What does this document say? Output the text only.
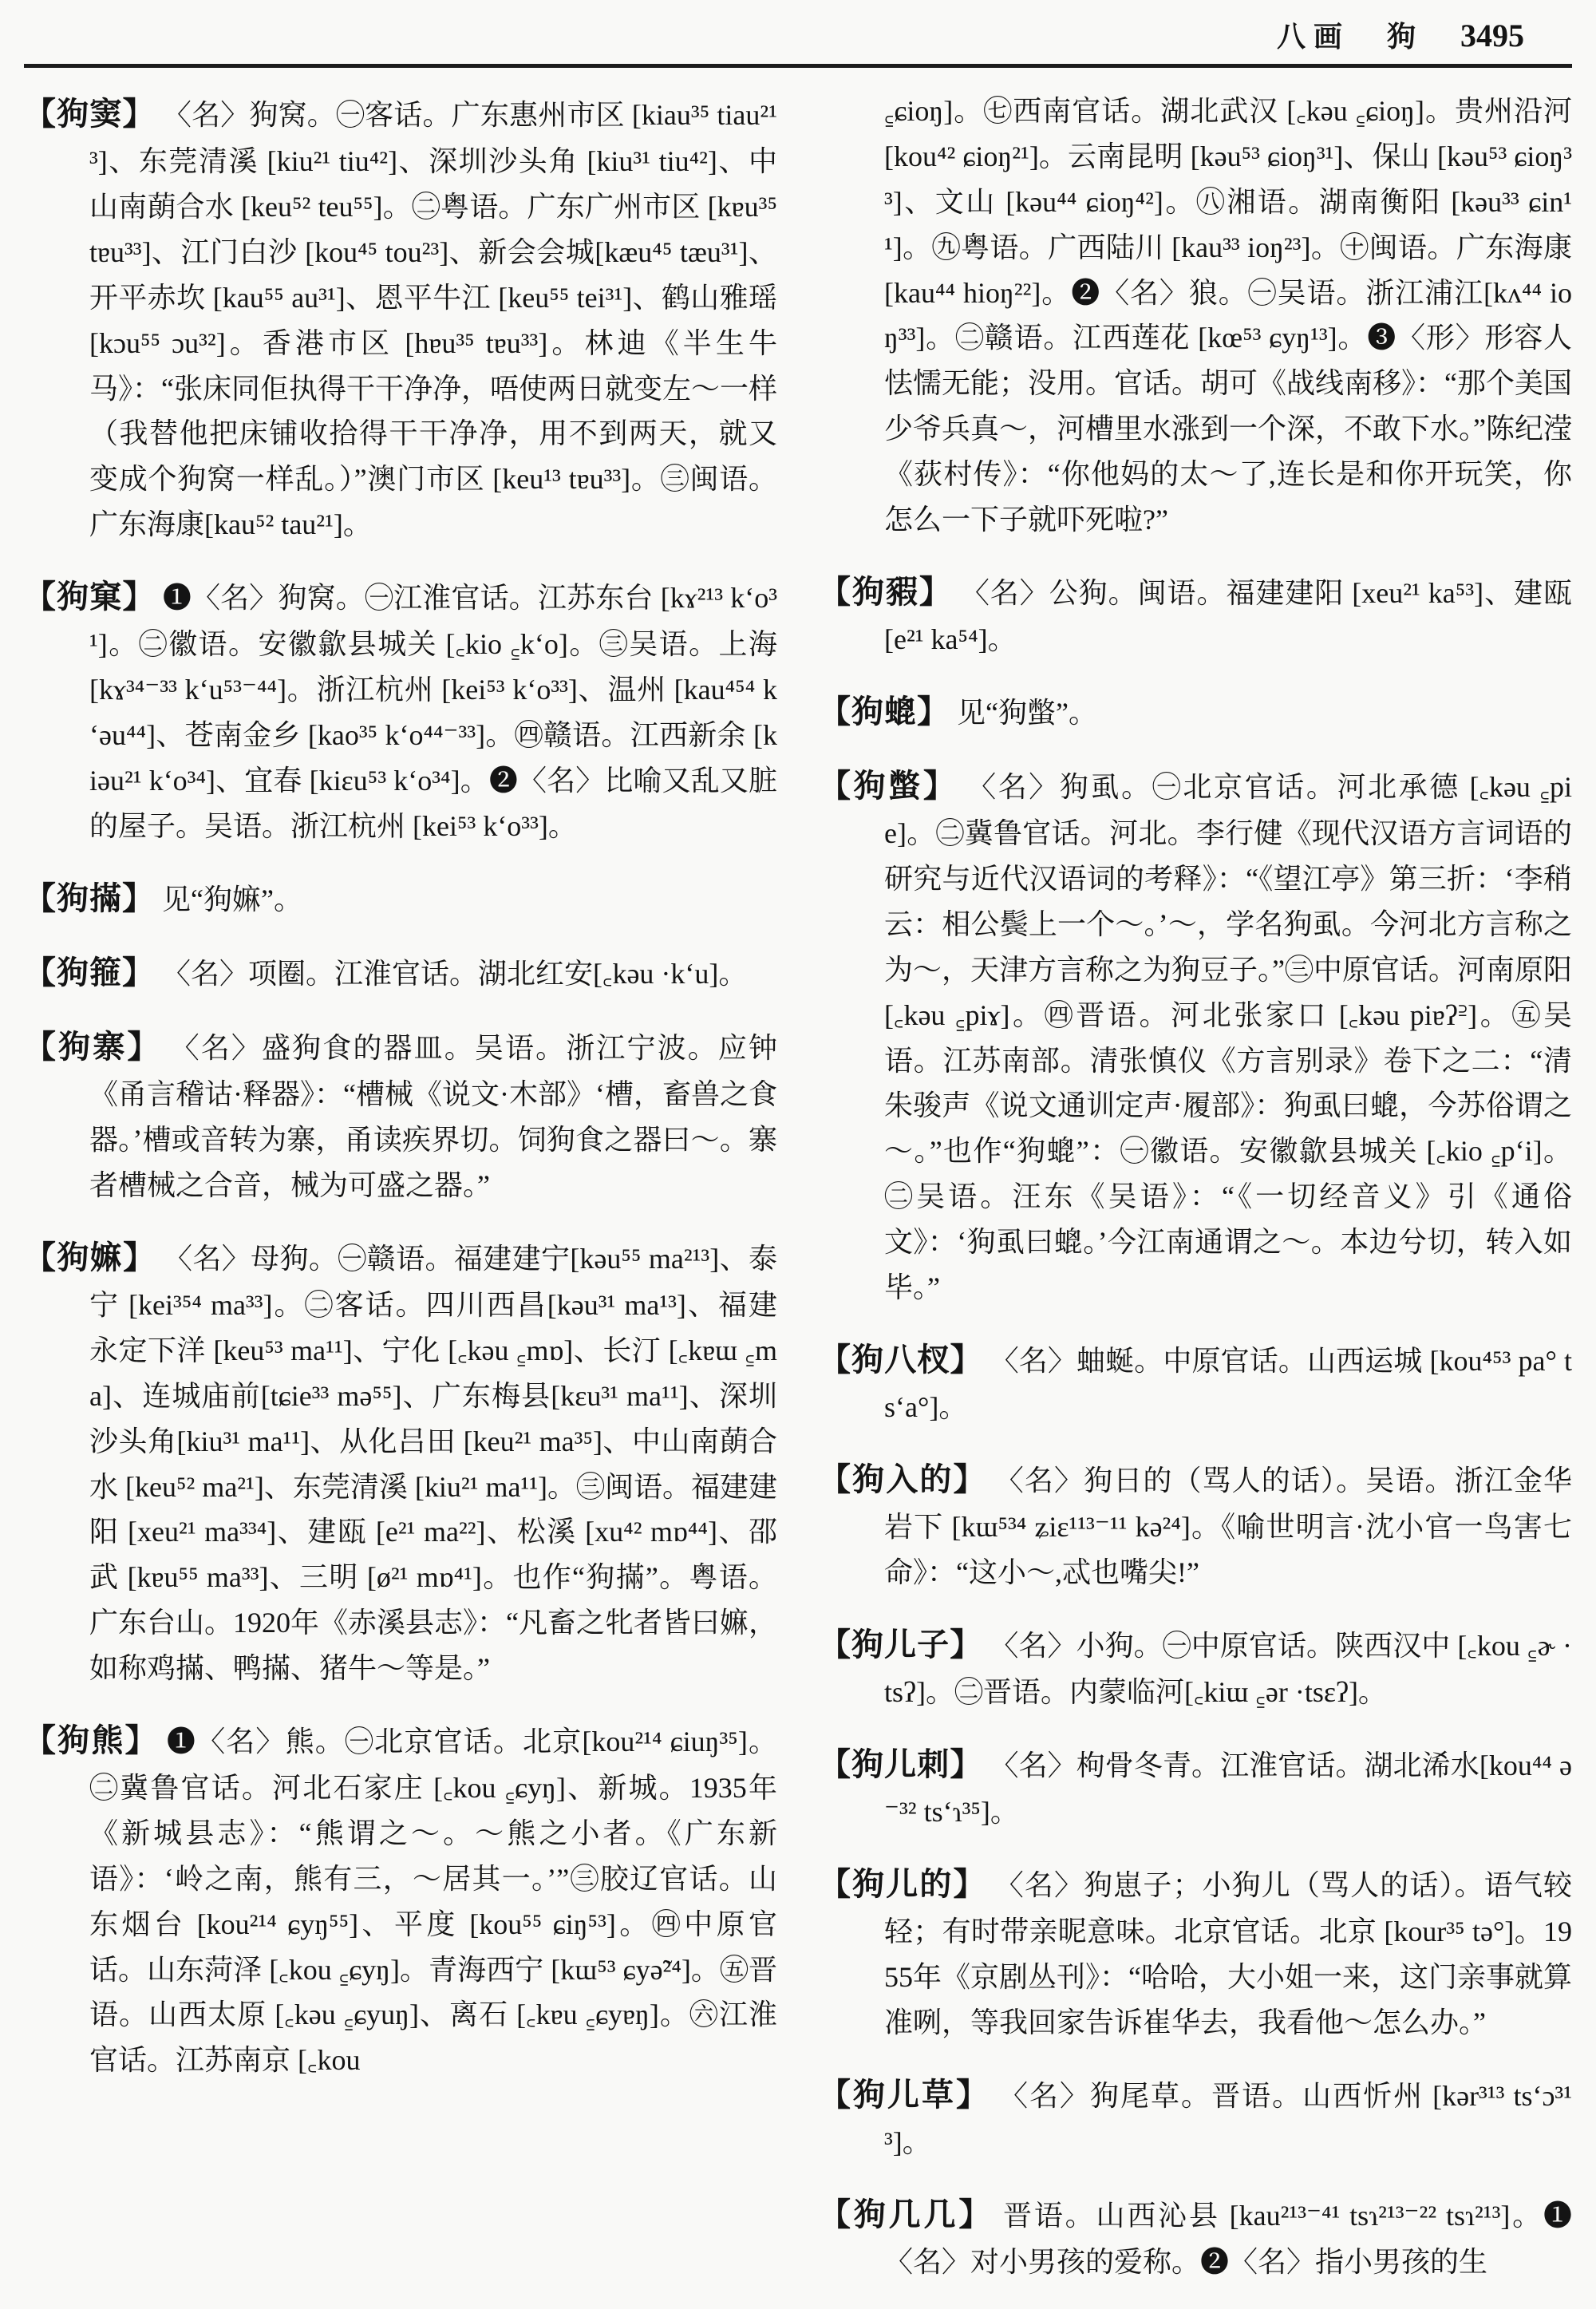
八画 狗 3495

【狗窦】 〈名〉狗窝。㊀客话。广东惠州市区 [kiau³⁵ tiau²¹³]、东莞清溪 [kiu²¹ tiu⁴²]、深圳沙头角 [kiu³¹ tiu⁴²]、中山南蓢合水 [keu⁵² teu⁵⁵]。㊁粤语。广东广州市区 [kɐu³⁵ tɐu³³]、江门白沙 [kou⁴⁵ tou²³]、新会会城[kæu⁴⁵ tæu³¹]、开平赤坎 [kau⁵⁵ au³¹]、恩平牛江 [keu⁵⁵ tei³¹]、鹤山雅瑶 [kɔu⁵⁵ ɔu³²]。香港市区 [hɐu³⁵ tɐu³³]。林迪《半生牛马》：“张床同佢执得干干净净，唔使两日就变左～一样（我替他把床铺收拾得干干净净，用不到两天，就又变成个狗窝一样乱。）”澳门市区 [keu¹³ tɐu³³]。㊂闽语。广东海康[kau⁵² tau²¹]。

【狗窠】 ❶〈名〉狗窝。㊀江淮官话。江苏东台 [kɤ²¹³ kʻo³¹]。㊁徽语。安徽歙县城关 [꜀kio ꜁kʻo]。㊂吴语。上海 [kɤ³⁴⁻³³ kʻu⁵³⁻⁴⁴]。浙江杭州 [kei⁵³ kʻo³³]、温州 [kau⁴⁵⁴ kʻəu⁴⁴]、苍南金乡 [kao³⁵ kʻo⁴⁴⁻³³]。㊃赣语。江西新余 [kiəu²¹ kʻo³⁴]、宜春 [kiɛu⁵³ kʻo³⁴]。❷〈名〉比喻又乱又脏的屋子。吴语。浙江杭州 [kei⁵³ kʻo³³]。

【狗㨺】 见“狗嫲”。

【狗箍】 〈名〉项圈。江淮官话。湖北红安[꜀kəu ·kʻu]。

【狗寨】 〈名〉盛狗食的器皿。吴语。浙江宁波。应钟《甬言稽诂·释器》：“槽械《说文·木部》‘槽，畜兽之食器。’槽或音转为寨，甬读疾界切。饲狗食之器曰～。寨者槽械之合音，械为可盛之器。”

【狗嫲】 〈名〉母狗。㊀赣语。福建建宁[kəu⁵⁵ ma²¹³]、泰宁 [kei³⁵⁴ ma³³]。㊁客话。四川西昌[kəu³¹ ma¹³]、福建永定下洋 [keu⁵³ ma¹¹]、宁化 [꜀kəu ꜁mɒ]、长汀 [꜀kɐɯ ꜁ma]、连城庙前[tɕie³³ mə⁵⁵]、广东梅县[kɛu³¹ ma¹¹]、深圳沙头角[kiu³¹ ma¹¹]、从化吕田 [keu²¹ ma³⁵]、中山南蓢合水 [keu⁵² ma²¹]、东莞清溪 [kiu²¹ ma¹¹]。㊂闽语。福建建阳 [xeu²¹ ma³³⁴]、建瓯 [e²¹ ma²²]、松溪 [xu⁴² mɒ⁴⁴]、邵武 [kɐu⁵⁵ ma³³]、三明 [ø²¹ mɒ⁴¹]。也作“狗㨺”。粤语。广东台山。1920年《赤溪县志》：“凡畜之牝者皆曰嫲，如称鸡㨺、鸭㨺、猪牛～等是。”

【狗熊】 ❶〈名〉熊。㊀北京官话。北京[kou²¹⁴ ɕiuŋ³⁵]。㊁冀鲁官话。河北石家庄 [꜀kou ꜁ɕyŋ]、新城。1935年《新城县志》：“熊谓之～。～熊之小者。《广东新语》：‘岭之南，熊有三，～居其一。’”㊂胶辽官话。山东烟台 [kou²¹⁴ ɕyŋ⁵⁵]、平度 [kou⁵⁵ ɕiŋ⁵³]。㊃中原官话。山东菏泽 [꜀kou ꜁ɕyŋ]。青海西宁 [kɯ⁵³ ɕyə̃²⁴]。㊄晋语。山西太原 [꜀kəu ꜁ɕyuŋ]、离石 [꜀kɐu ꜁ɕyɐŋ]。㊅江淮官话。江苏南京 [꜀kou

꜁ɕioŋ]。㊆西南官话。湖北武汉 [꜀kəu ꜁ɕioŋ]。贵州沿河 [kou⁴² ɕioŋ²¹]。云南昆明 [kəu⁵³ ɕioŋ³¹]、保山 [kəu⁵³ ɕioŋ³³]、文山 [kəu⁴⁴ ɕioŋ⁴²]。㊇湘语。湖南衡阳 [kəu³³ ɕin¹¹]。㊈粤语。广西陆川 [kau³³ ioŋ²³]。㊉闽语。广东海康 [kau⁴⁴ hioŋ²²]。❷〈名〉狼。㊀吴语。浙江浦江[kʌ⁴⁴ ioŋ³³]。㊁赣语。江西莲花 [kœ⁵³ ɕyŋ¹³]。❸〈形〉形容人怯懦无能；没用。官话。胡可《战线南移》：“那个美国少爷兵真～，河槽里水涨到一个深，不敢下水。”陈纪滢《荻村传》：“你他妈的太～了,连长是和你开玩笑，你怎么一下子就吓死啦?”

【狗豭】 〈名〉公狗。闽语。福建建阳 [xeu²¹ ka⁵³]、建瓯 [e²¹ ka⁵⁴]。

【狗螕】 见“狗蟞”。

【狗蟞】 〈名〉狗虱。㊀北京官话。河北承德 [꜀kəu ꜁pie]。㊁冀鲁官话。河北。李行健《现代汉语方言词语的研究与近代汉语词的考释》：“《望江亭》第三折：‘李稍云：相公鬓上一个～。’～，学名狗虱。今河北方言称之为～，天津方言称之为狗豆子。”㊂中原官话。河南原阳 [꜀kəu ꜁piɤ]。㊃晋语。河北张家口 [꜀kəu piɐʔ꜅]。㊄吴语。江苏南部。清张慎仪《方言别录》卷下之二：“清朱骏声《说文通训定声·履部》：狗虱曰螕，今苏俗谓之～。”也作“狗螕”：㊀徽语。安徽歙县城关 [꜀kio ꜁pʻi]。㊁吴语。汪东《吴语》：“《一切经音义》引《通俗文》：‘狗虱曰螕。’今江南通谓之～。本边兮切，转入如毕。”

【狗八杈】 〈名〉蚰蜒。中原官话。山西运城 [kou⁴⁵³ pa° tsʻa°]。

【狗入的】 〈名〉狗日的（骂人的话）。吴语。浙江金华岩下 [kɯ⁵³⁴ ʑiɛ¹¹³⁻¹¹ kə²⁴]。《喻世明言·沈小官一鸟害七命》：“这小～,忒也嘴尖!”

【狗儿子】 〈名〉小狗。㊀中原官话。陕西汉中 [꜀kou ꜁ɚ ·tsʔ]。㊁晋语。内蒙临河[꜀kiɯ ꜁ər ·tsɛʔ]。

【狗儿刺】 〈名〉枸骨冬青。江淮官话。湖北浠水[kou⁴⁴ ə⁻³² tsʻɿ³⁵]。

【狗儿的】 〈名〉狗崽子；小狗儿（骂人的话）。语气较轻；有时带亲昵意味。北京官话。北京 [kour³⁵ tə°]。1955年《京剧丛刊》：“哈哈，大小姐一来，这门亲事就算准咧，等我回家告诉崔华去，我看他～怎么办。”

【狗儿草】 〈名〉狗尾草。晋语。山西忻州 [kər³¹³ tsʻɔ³¹³]。

【狗几几】 晋语。山西沁县 [kau²¹³⁻⁴¹ tsɿ²¹³⁻²² tsɿ²¹³]。❶〈名〉对小男孩的爱称。❷〈名〉指小男孩的生
